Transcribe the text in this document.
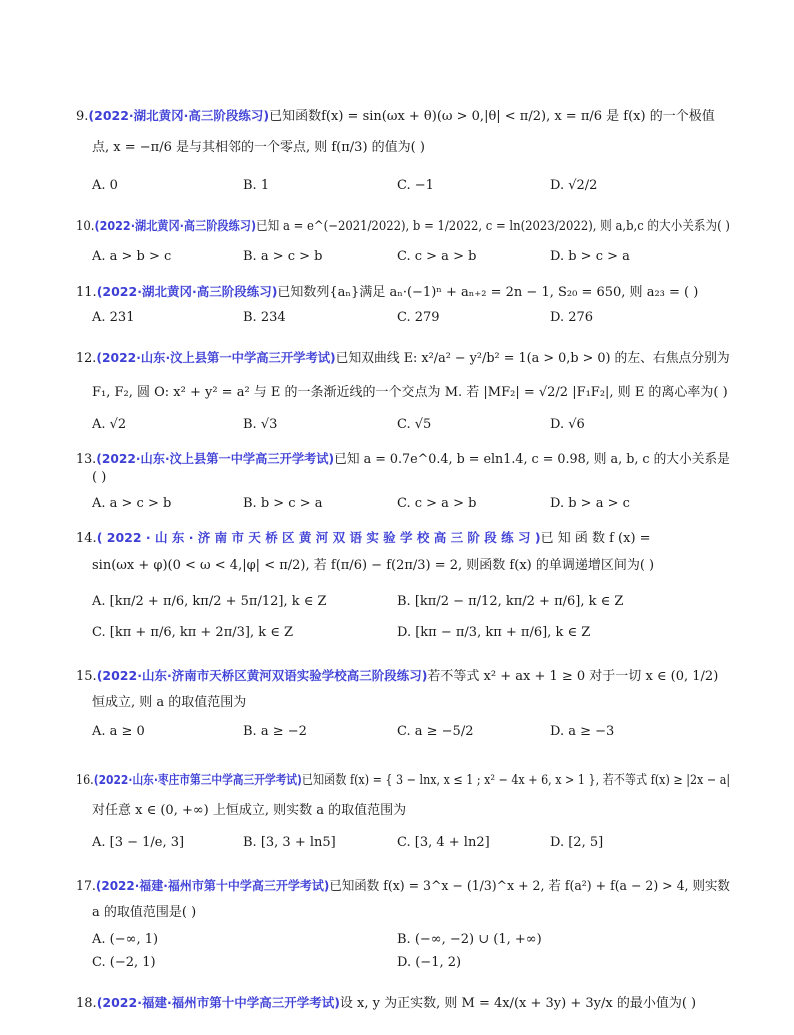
9.(2022·湖北黄冈·高三阶段练习)已知函数f(x) = sin(ωx + θ)(ω > 0,|θ| < π/2), x = π/6 是 f(x) 的一个极值
点, x = −π/6 是与其相邻的一个零点, 则 f(π/3) 的值为( )
A. 0	B. 1	C. −1	D. √2/2
10.(2022·湖北黄冈·高三阶段练习)已知 a = e^(−2021/2022), b = 1/2022, c = ln(2023/2022), 则 a,b,c 的大小关系为( )
A. a > b > c	B. a > c > b	C. c > a > b	D. b > c > a
11.(2022·湖北黄冈·高三阶段练习)已知数列{aₙ}满足 aₙ·(−1)ⁿ + aₙ₊₂ = 2n − 1, S₂₀ = 650, 则 a₂₃ = ( )
A. 231	B. 234	C. 279	D. 276
12.(2022·山东·汶上县第一中学高三开学考试)已知双曲线 E: x²/a² − y²/b² = 1(a > 0,b > 0) 的左、右焦点分别为
F₁, F₂, 圆 O: x² + y² = a² 与 E 的一条渐近线的一个交点为 M. 若 |MF₂| = √2/2 |F₁F₂|, 则 E 的离心率为( )
A. √2	B. √3	C. √5	D. √6
13.(2022·山东·汶上县第一中学高三开学考试)已知 a = 0.7e^0.4, b = eln1.4, c = 0.98, 则 a, b, c 的大小关系是
( )
A. a > c > b	B. b > c > a	C. c > a > b	D. b > a > c
14.( 2022 · 山 东 · 济 南 市 天 桥 区 黄 河 双 语 实 验 学 校 高 三 阶 段 练 习 )已 知 函 数 f (x) =
sin(ωx + φ)(0 < ω < 4,|φ| < π/2), 若 f(π/6) − f(2π/3) = 2, 则函数 f(x) 的单调递增区间为( )
A. [kπ/2 + π/6, kπ/2 + 5π/12], k ∈ Z	B. [kπ/2 − π/12, kπ/2 + π/6], k ∈ Z
C. [kπ + π/6, kπ + 2π/3], k ∈ Z	D. [kπ − π/3, kπ + π/6], k ∈ Z
15.(2022·山东·济南市天桥区黄河双语实验学校高三阶段练习)若不等式 x² + ax + 1 ≥ 0 对于一切 x ∈ (0, 1/2)
恒成立, 则 a 的取值范围为
A. a ≥ 0	B. a ≥ −2	C. a ≥ −5/2	D. a ≥ −3
16.(2022·山东·枣庄市第三中学高三开学考试)已知函数 f(x) = { 3 − lnx, x ≤ 1 ; x² − 4x + 6, x > 1 }, 若不等式 f(x) ≥ |2x − a|
对任意 x ∈ (0, +∞) 上恒成立, 则实数 a 的取值范围为
A. [3 − 1/e, 3]	B. [3, 3 + ln5]	C. [3, 4 + ln2]	D. [2, 5]
17.(2022·福建·福州市第十中学高三开学考试)已知函数 f(x) = 3^x − (1/3)^x + 2, 若 f(a²) + f(a − 2) > 4, 则实数
a 的取值范围是( )
A. (−∞, 1)	B. (−∞, −2) ∪ (1, +∞)
C. (−2, 1)	D. (−1, 2)
18.(2022·福建·福州市第十中学高三开学考试)设 x, y 为正实数, 则 M = 4x/(x + 3y) + 3y/x 的最小值为( )
